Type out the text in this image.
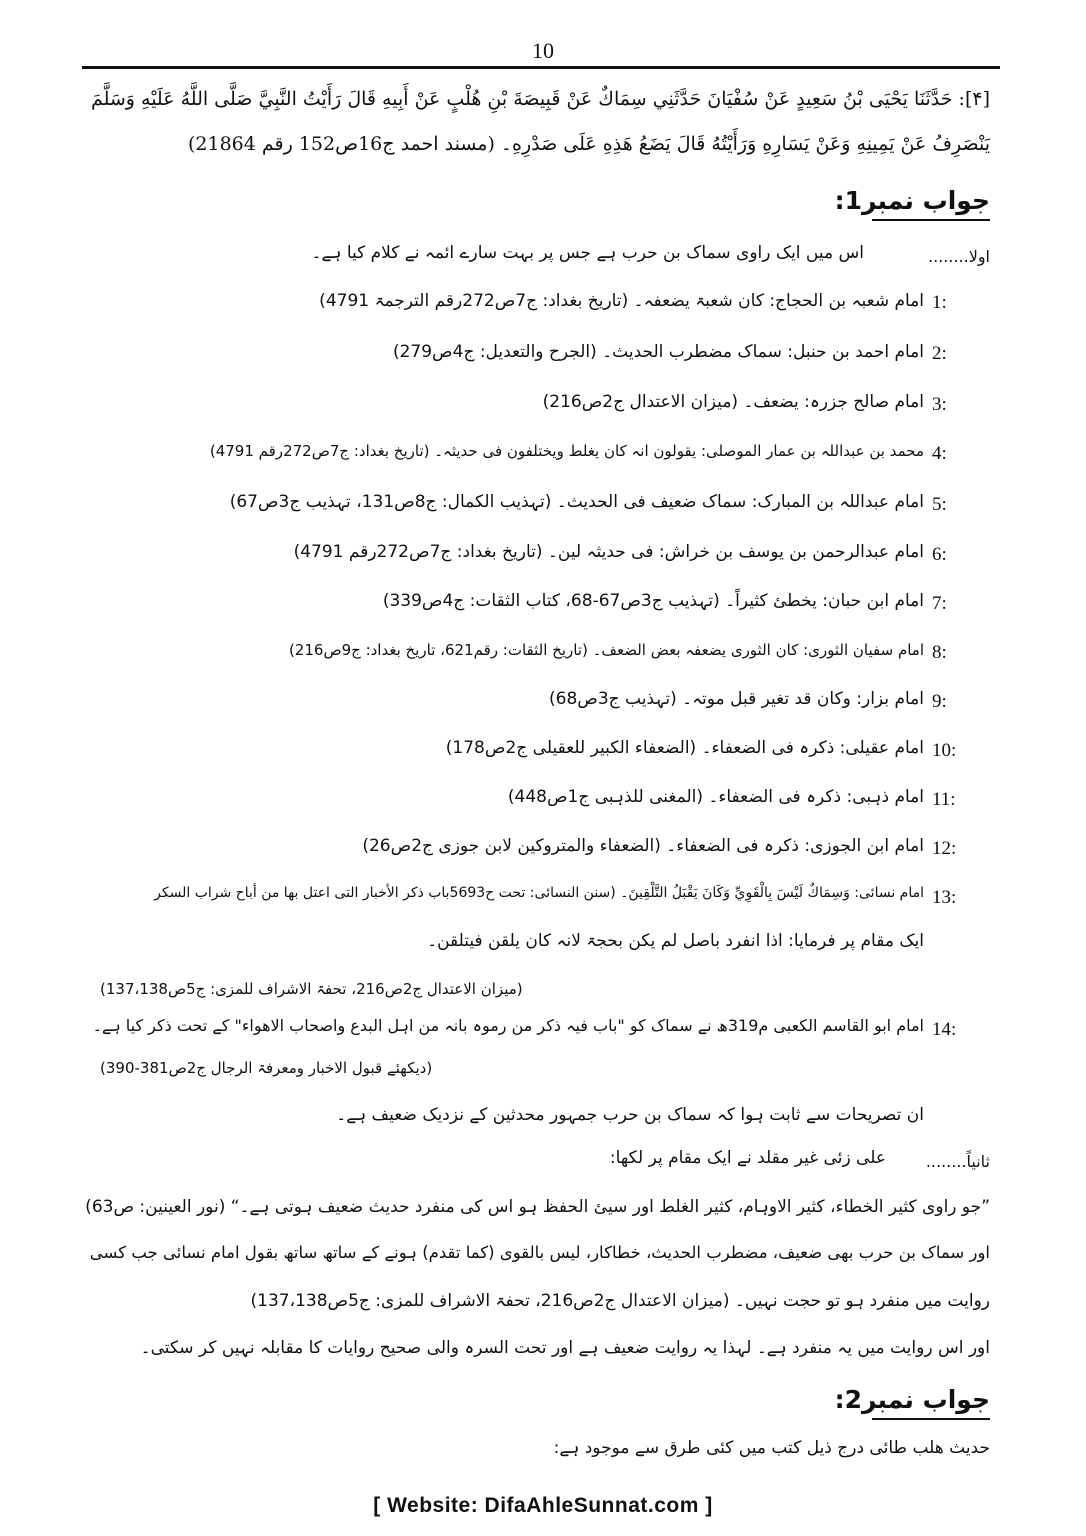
10
[۴]: حَدَّثَنَا يَحْيَى بْنُ سَعِيدٍ عَنْ سُفْيَانَ حَدَّثَنِي سِمَاكٌ عَنْ قَبِيصَةَ بْنِ هُلْبٍ عَنْ أَبِيهِ قَالَ رَأَيْتُ النَّبِيَّ صَلَّى اللَّهُ عَلَيْهِ وَسَلَّمَ
يَنْصَرِفُ عَنْ يَمِينِهِ وَعَنْ يَسَارِهِ وَرَأَيْتُهُ قَالَ يَضَعُ هَذِهِ عَلَى صَدْرِهِ۔ (مسند احمد ج16ص152 رقم 21864)
جواب نمبر1:
اولا........
اس میں ایک راوی سماک بن حرب ہے جس پر بہت سارے ائمہ نے کلام کیا ہے۔
1:
امام شعبہ بن الحجاج: کان شعبۃ یضعفہ۔ (تاریخ بغداد: ج7ص272رقم الترجمۃ 4791)
2:
امام احمد بن حنبل: سماک مضطرب الحدیث۔ (الجرح والتعدیل: ج4ص279)
3:
امام صالح جزرہ: یضعف۔ (میزان الاعتدال ج2ص216)
4:
محمد بن عبداللہ بن عمار الموصلی: یقولون انہ کان یغلط ویختلفون فی حدیثہ۔ (تاریخ بغداد: ج7ص272رقم 4791)
5:
امام عبداللہ بن المبارک: سماک ضعیف فی الحدیث۔ (تہذیب الکمال: ج8ص131، تہذیب ج3ص67)
6:
امام عبدالرحمن بن یوسف بن خراش: فی حدیثہ لین۔ (تاریخ بغداد: ج7ص272رقم 4791)
7:
امام ابن حبان: یخطئ کثیراً۔ (تہذیب ج3ص67-68، کتاب الثقات: ج4ص339)
8:
امام سفیان الثوری: کان الثوری یضعفہ بعض الضعف۔ (تاریخ الثقات: رقم621، تاریخ بغداد: ج9ص216)
9:
امام بزار: وکان قد تغیر قبل موتہ۔ (تہذیب ج3ص68)
10:
امام عقیلی: ذکرہ فی الضعفاء۔ (الضعفاء الکبیر للعقیلی ج2ص178)
11:
امام ذہبی: ذکرہ فی الضعفاء۔ (المغنی للذہبی ج1ص448)
12:
امام ابن الجوزی: ذکرہ فی الضعفاء۔ (الضعفاء والمتروکین لابن جوزی ج2ص26)
13:
امام نسائی: وَسِمَاكٌ لَيْسَ بِالْقَوِيِّ وَكَانَ يَقْبَلُ التَّلْقِينَ۔ (سنن النسائی: تحت ح5693باب ذکر الأخبار التی اعتل بھا من أباح شراب السکر
ایک مقام پر فرمایا: اذا انفرد باصل لم یکن بحجۃ لانہ کان یلقن فیتلقن۔
(میزان الاعتدال ج2ص216، تحفۃ الاشراف للمزی: ج5ص137،138)
14:
امام ابو القاسم الکعبی م319ھ نے سماک کو "باب فیہ ذکر من رموہ بانہ من اہل البدع واصحاب الاھواء" کے تحت ذکر کیا ہے۔
(دیکھئے قبول الاخبار ومعرفۃ الرجال ج2ص381-390)
ان تصریحات سے ثابت ہوا کہ سماک بن حرب جمہور محدثین کے نزدیک ضعیف ہے۔
ثانیاً........
علی زئی غیر مقلد نے ایک مقام پر لکھا:
”جو راوی کثیر الخطاء، کثیر الاوہام، کثیر الغلط اور سیئ الحفظ ہو اس کی منفرد حدیث ضعیف ہوتی ہے۔“ (نور العینین: ص63)
اور سماک بن حرب بھی ضعیف، مضطرب الحدیث، خطاکار، لیس بالقوی (کما تقدم) ہونے کے ساتھ ساتھ بقول امام نسائی جب کسی
روایت میں منفرد ہو تو حجت نہیں۔ (میزان الاعتدال ج2ص216، تحفۃ الاشراف للمزی: ج5ص137،138)
اور اس روایت میں یہ منفرد ہے۔ لہذا یہ روایت ضعیف ہے اور تحت السرہ والی صحیح روایات کا مقابلہ نہیں کر سکتی۔
جواب نمبر2:
حدیث ھلب طائی درج ذیل کتب میں کئی طرق سے موجود ہے:
[ Website: DifaAhleSunnat.com ]
